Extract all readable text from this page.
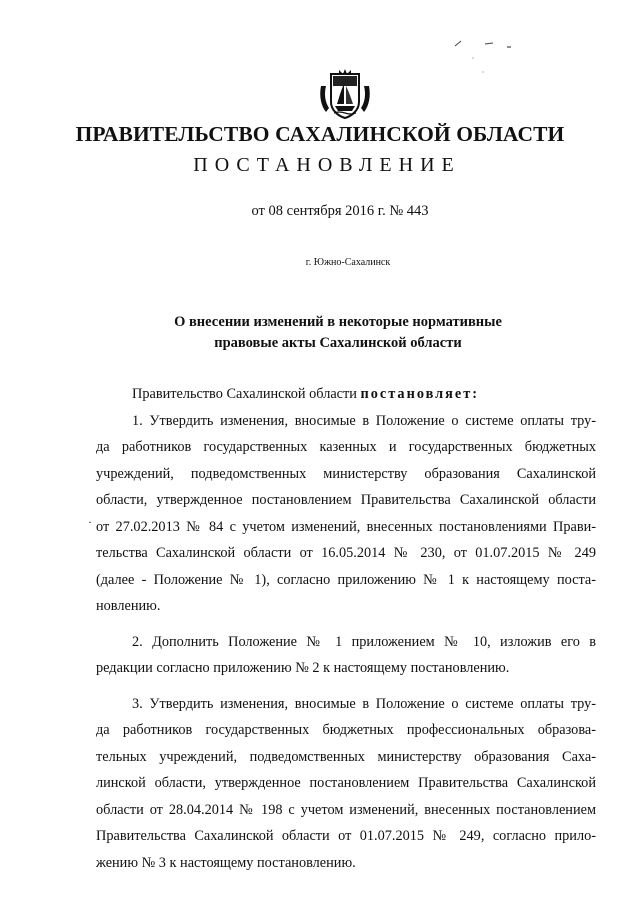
ПРАВИТЕЛЬСТВО САХАЛИНСКОЙ ОБЛАСТИ
ПОСТАНОВЛЕНИЕ
от 08 сентября 2016 г. № 443
г. Южно-Сахалинск
О внесении изменений в некоторые нормативные
правовые акты Сахалинской области
·

Правительство Сахалинской области постановляет:

1. Утвердить изменения, вносимые в Положение о системе оплаты тру-
да работников государственных казенных и государственных бюджетных
учреждений, подведомственных министерству образования Сахалинской
области, утвержденное постановлением Правительства Сахалинской области
от 27.02.2013 № 84 с учетом изменений, внесенных постановлениями Прави-
тельства Сахалинской области от 16.05.2014 № 230, от 01.07.2015 № 249
(далее - Положение № 1), согласно приложению № 1 к настоящему поста-
новлению.

2. Дополнить Положение № 1 приложением № 10, изложив его в
редакции согласно приложению № 2 к настоящему постановлению.

3. Утвердить изменения, вносимые в Положение о системе оплаты тру-
да работников государственных бюджетных профессиональных образова-
тельных учреждений, подведомственных министерству образования Саха-
линской области, утвержденное постановлением Правительства Сахалинской
области от 28.04.2014 № 198 с учетом изменений, внесенных постановлением
Правительства Сахалинской области от 01.07.2015 № 249, согласно прило-
жению № 3 к настоящему постановлению.
